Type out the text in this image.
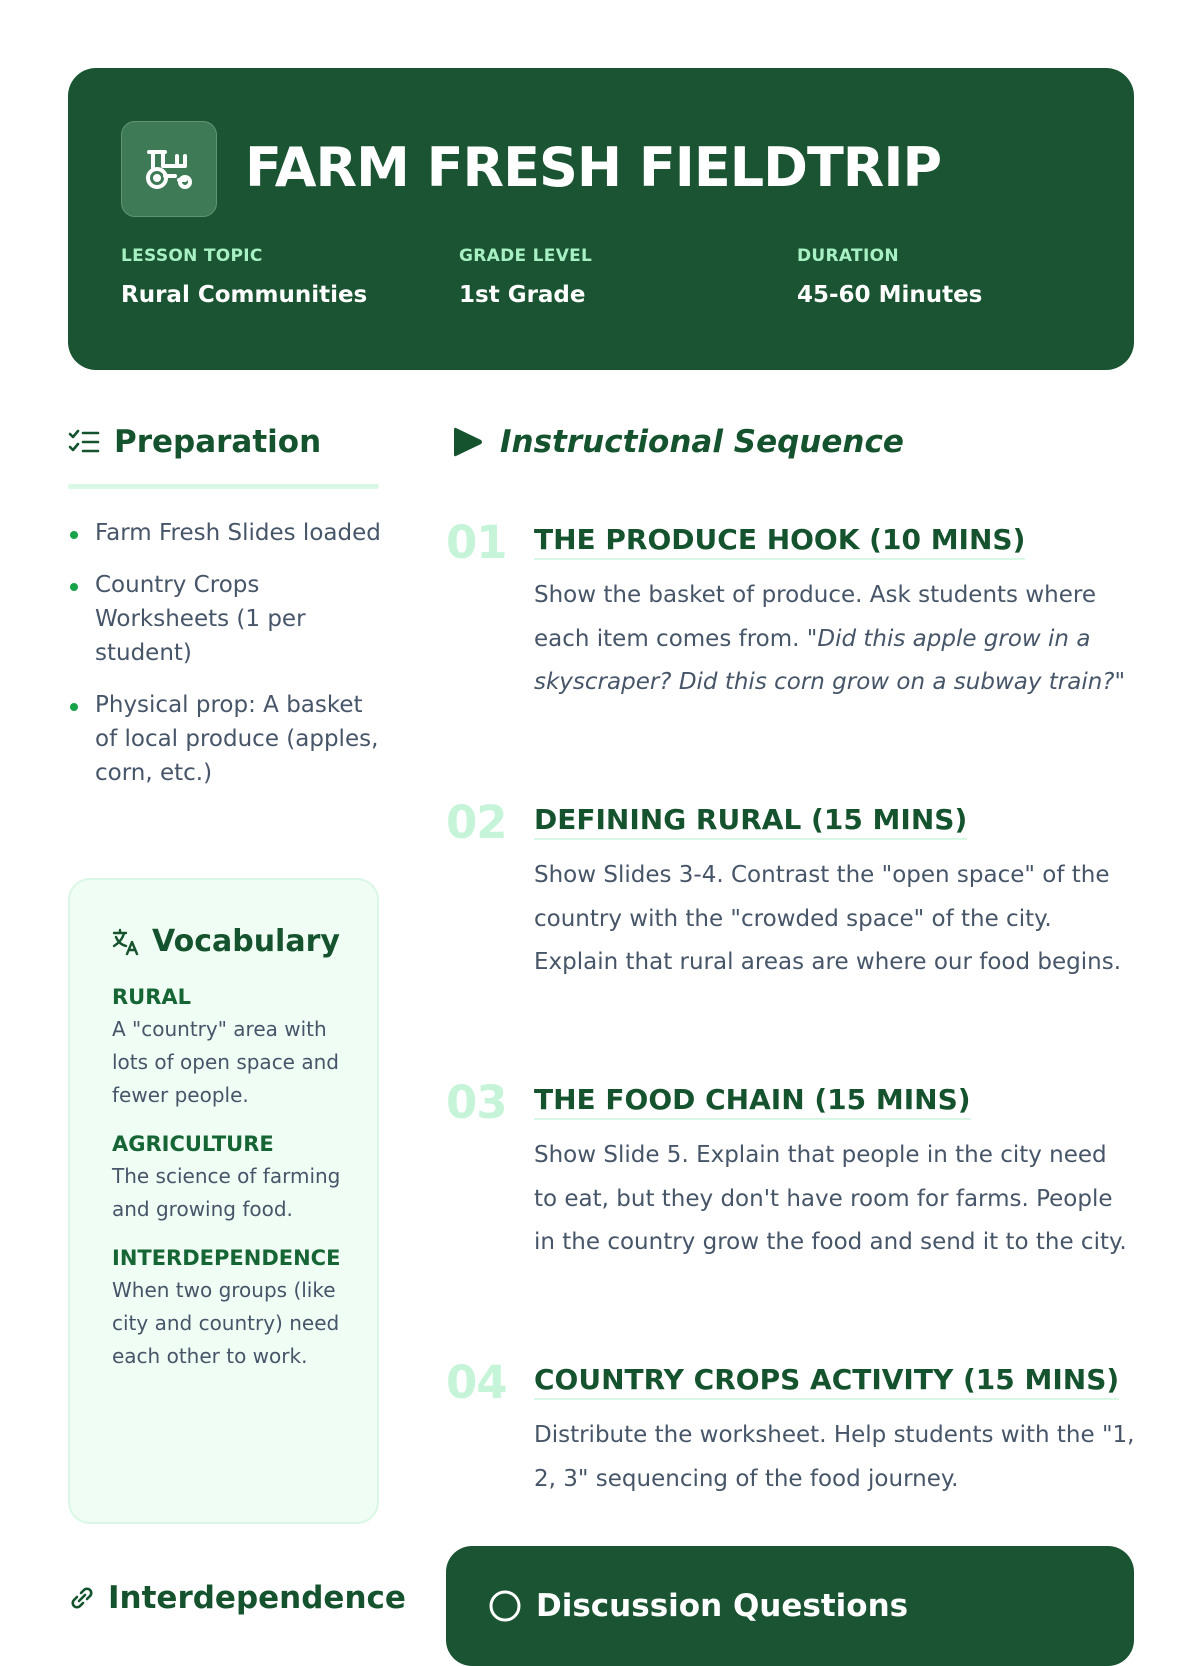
FARM FRESH FIELDTRIP
LESSON TOPIC
Rural Communities
GRADE LEVEL
1st Grade
DURATION
45-60 Minutes
Preparation
Farm Fresh Slides loaded
Country Crops Worksheets (1 per student)
Physical prop: A basket of local produce (apples, corn, etc.)
Vocabulary
RURAL
A "country" area with lots of open space and fewer people.
AGRICULTURE
The science of farming and growing food.
INTERDEPENDENCE
When two groups (like city and country) need each other to work.
Instructional Sequence
01 THE PRODUCE HOOK (10 MINS)
Show the basket of produce. Ask students where each item comes from. "Did this apple grow in a skyscraper? Did this corn grow on a subway train?"
02 DEFINING RURAL (15 MINS)
Show Slides 3-4. Contrast the "open space" of the country with the "crowded space" of the city. Explain that rural areas are where our food begins.
03 THE FOOD CHAIN (15 MINS)
Show Slide 5. Explain that people in the city need to eat, but they don't have room for farms. People in the country grow the food and send it to the city.
04 COUNTRY CROPS ACTIVITY (15 MINS)
Distribute the worksheet. Help students with the "1, 2, 3" sequencing of the food journey.
Discussion Questions
Interdependence
